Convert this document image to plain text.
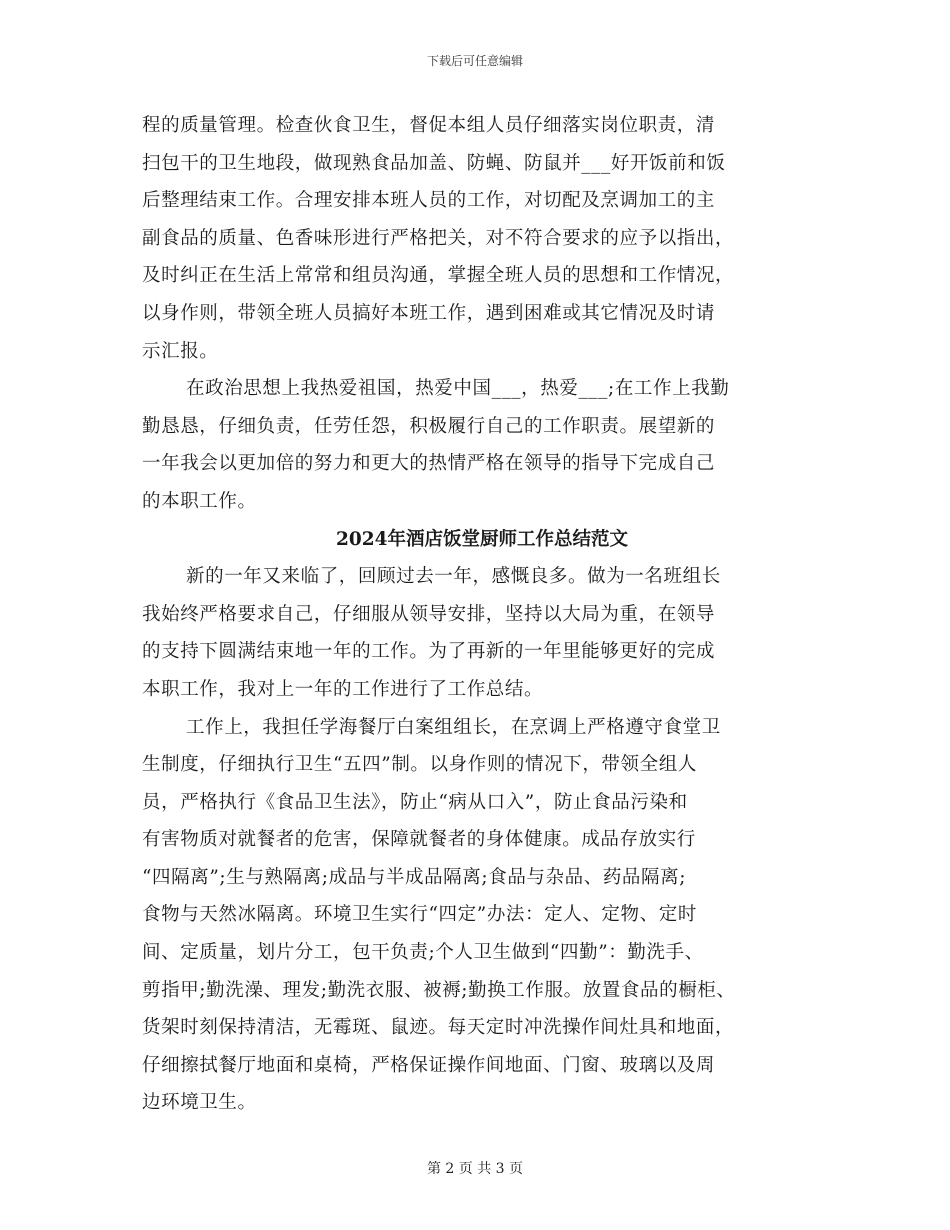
下载后可任意编辑
程的质量管理。检查伙食卫生，督促本组人员仔细落实岗位职责，清
扫包干的卫生地段，做现熟食品加盖、防蝇、防鼠并___好开饭前和饭
后整理结束工作。合理安排本班人员的工作，对切配及烹调加工的主
副食品的质量、色香味形进行严格把关，对不符合要求的应予以指出，
及时纠正在生活上常常和组员沟通，掌握全班人员的思想和工作情况，
以身作则，带领全班人员搞好本班工作，遇到困难或其它情况及时请
示汇报。
在政治思想上我热爱祖国，热爱中国___，热爱___;在工作上我勤
勤恳恳，仔细负责，任劳任怨，积极履行自己的工作职责。展望新的
一年我会以更加倍的努力和更大的热情严格在领导的指导下完成自己
的本职工作。
2024年酒店饭堂厨师工作总结范文
新的一年又来临了，回顾过去一年，感慨良多。做为一名班组长
我始终严格要求自己，仔细服从领导安排，坚持以大局为重，在领导
的支持下圆满结束地一年的工作。为了再新的一年里能够更好的完成
本职工作，我对上一年的工作进行了工作总结。
工作上，我担任学海餐厅白案组组长，在烹调上严格遵守食堂卫
生制度，仔细执行卫生“五四”制。以身作则的情况下，带领全组人
员，严格执行《食品卫生法》，防止“病从口入”，防止食品污染和
有害物质对就餐者的危害，保障就餐者的身体健康。成品存放实行
“四隔离”;生与熟隔离;成品与半成品隔离;食品与杂品、药品隔离;
食物与天然冰隔离。环境卫生实行“四定”办法：定人、定物、定时
间、定质量，划片分工，包干负责;个人卫生做到“四勤”：勤洗手、
剪指甲;勤洗澡、理发;勤洗衣服、被褥;勤换工作服。放置食品的橱柜、
货架时刻保持清洁，无霉斑、鼠迹。每天定时冲洗操作间灶具和地面，
仔细擦拭餐厅地面和桌椅，严格保证操作间地面、门窗、玻璃以及周
边环境卫生。
第 2 页 共 3 页
